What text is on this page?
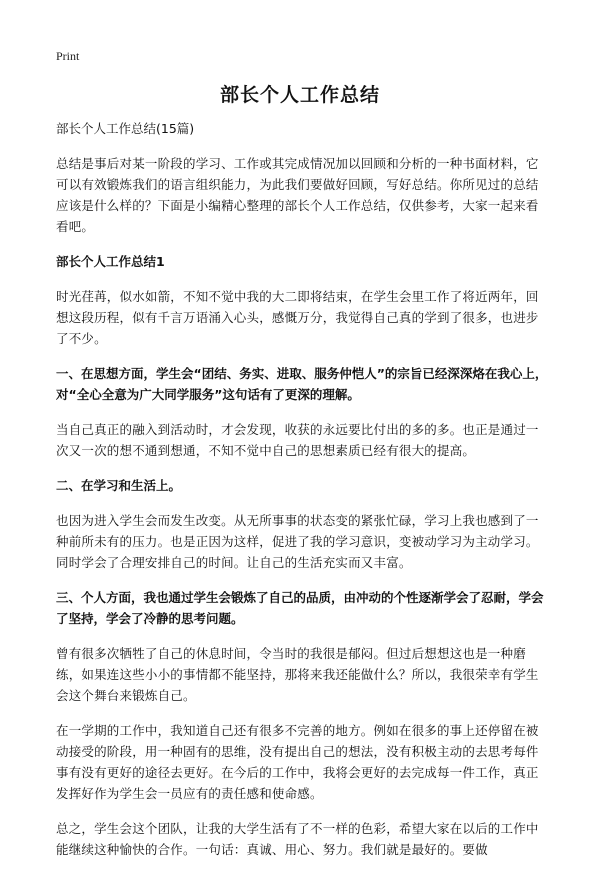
Print
部长个人工作总结

部长个人工作总结(15篇)

总结是事后对某一阶段的学习、工作或其完成情况加以回顾和分析的一种书面材料，它可以有效锻炼我们的语言组织能力，为此我们要做好回顾，写好总结。你所见过的总结应该是什么样的？下面是小编精心整理的部长个人工作总结，仅供参考，大家一起来看看吧。

部长个人工作总结1

时光荏苒，似水如箭，不知不觉中我的大二即将结束，在学生会里工作了将近两年，回想这段历程，似有千言万语涌入心头，感慨万分，我觉得自己真的学到了很多，也进步了不少。

一、在思想方面，学生会“团结、务实、进取、服务仲恺人”的宗旨已经深深烙在我心上，对“全心全意为广大同学服务”这句话有了更深的理解。

当自己真正的融入到活动时，才会发现，收获的永远要比付出的多的多。也正是通过一次又一次的想不通到想通，不知不觉中自己的思想素质已经有很大的提高。

二、在学习和生活上。

也因为进入学生会而发生改变。从无所事事的状态变的紧张忙碌，学习上我也感到了一种前所未有的压力。也是正因为这样，促进了我的学习意识，变被动学习为主动学习。同时学会了合理安排自己的时间。让自己的生活充实而又丰富。

三、个人方面，我也通过学生会锻炼了自己的品质，由冲动的个性逐渐学会了忍耐，学会了坚持，学会了冷静的思考问题。

曾有很多次牺牲了自己的休息时间，令当时的我很是郁闷。但过后想想这也是一种磨练，如果连这些小小的事情都不能坚持，那将来我还能做什么？所以，我很荣幸有学生会这个舞台来锻炼自己。

在一学期的工作中，我知道自己还有很多不完善的地方。例如在很多的事上还停留在被动接受的阶段，用一种固有的思维，没有提出自己的想法，没有积极主动的去思考每件事有没有更好的途径去更好。在今后的工作中，我将会更好的去完成每一件工作，真正发挥好作为学生会一员应有的责任感和使命感。

总之，学生会这个团队，让我的大学生活有了不一样的色彩，希望大家在以后的工作中能继续这种愉快的合作。一句话：真诚、用心、努力。我们就是最好的。要做
